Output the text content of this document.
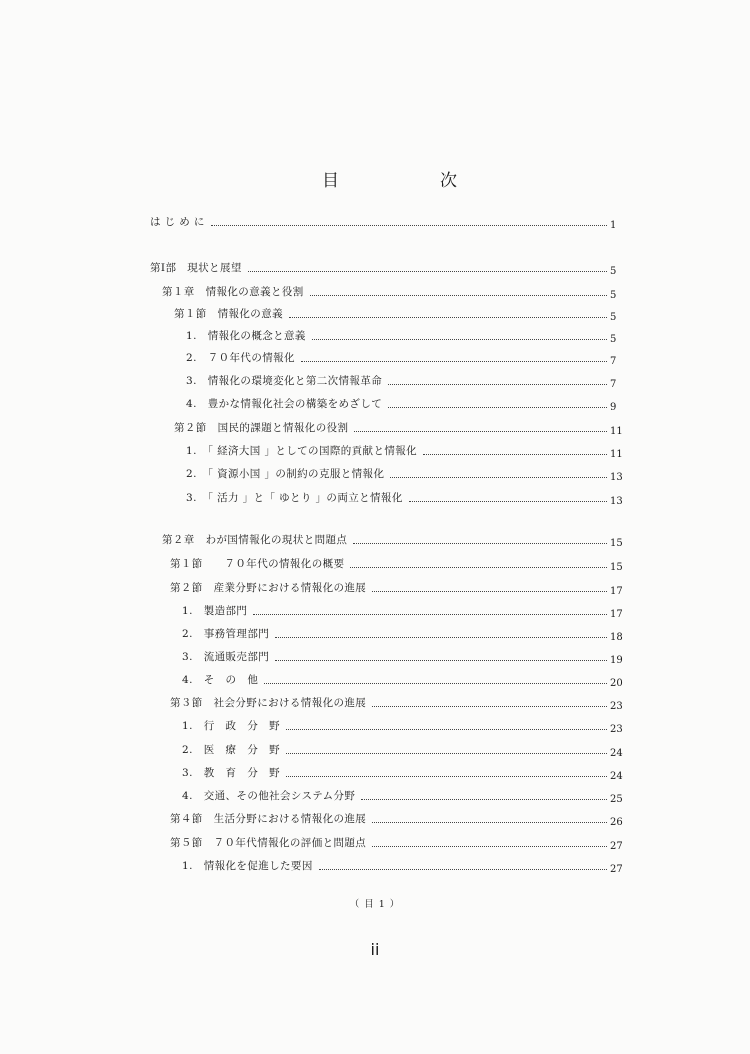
目	次
は じ め に	1
第Ⅰ部　現状と展望	5
第１章　情報化の意義と役割	5
第１節　情報化の意義	5
1.　情報化の概念と意義	5
2.　７０年代の情報化	7
3.　情報化の環境変化と第二次情報革命	7
4.　豊かな情報化社会の構築をめざして	9
第２節　国民的課題と情報化の役割	11
1.　「 経済大国 」としての国際的貢献と情報化	11
2.　「 資源小国 」の制約の克服と情報化	13
3.　「 活力 」と「 ゆとり 」の両立と情報化	13
第２章　わが国情報化の現状と問題点	15
第１節　　７０年代の情報化の概要	15
第２節　産業分野における情報化の進展	17
1.　製造部門	17
2.　事務管理部門	18
3.　流通販売部門	19
4.　そ　の　他	20
第３節　社会分野における情報化の進展	23
1.　行　政　分　野	23
2.　医　療　分　野	24
3.　教　育　分　野	24
4.　交通、その他社会システム分野	25
第４節　生活分野における情報化の進展	26
第５節　７０年代情報化の評価と問題点	27
1.　情報化を促進した要因	27
（ 目 1 ）
ii
